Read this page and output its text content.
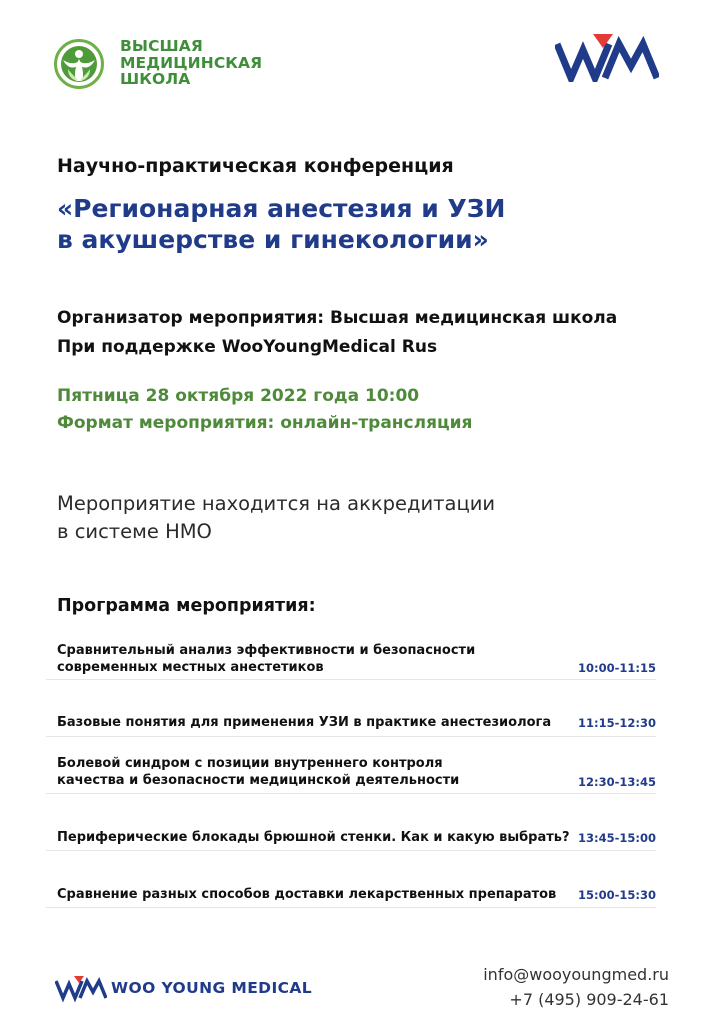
ВЫСШАЯ
МЕДИЦИНСКАЯ
ШКОЛА
Научно-практическая конференция
«Регионарная анестезия и УЗИ
в акушерстве и гинекологии»
Организатор мероприятия: Высшая медицинская школа
При поддержке WooYoungMedical Rus
Пятница 28 октября 2022 года 10:00
Формат мероприятия: онлайн-трансляция
Мероприятие находится на аккредитации
в системе НМО
Программа мероприятия:
Сравнительный анализ эффективности и безопасности
современных местных анестетиков	10:00-11:15
Базовые понятия для применения УЗИ в практике анестезиолога 11:15-12:30
Болевой синдром с позиции внутреннего контроля
качества и безопасности медицинской деятельности	12:30-13:45
Периферические блокады брюшной стенки. Как и какую выбрать? 13:45-15:00
Сравнение разных способов доставки лекарственных препаратов 15:00-15:30
WOO YOUNG MEDICAL
info@wooyoungmed.ru
+7 (495) 909-24-61
